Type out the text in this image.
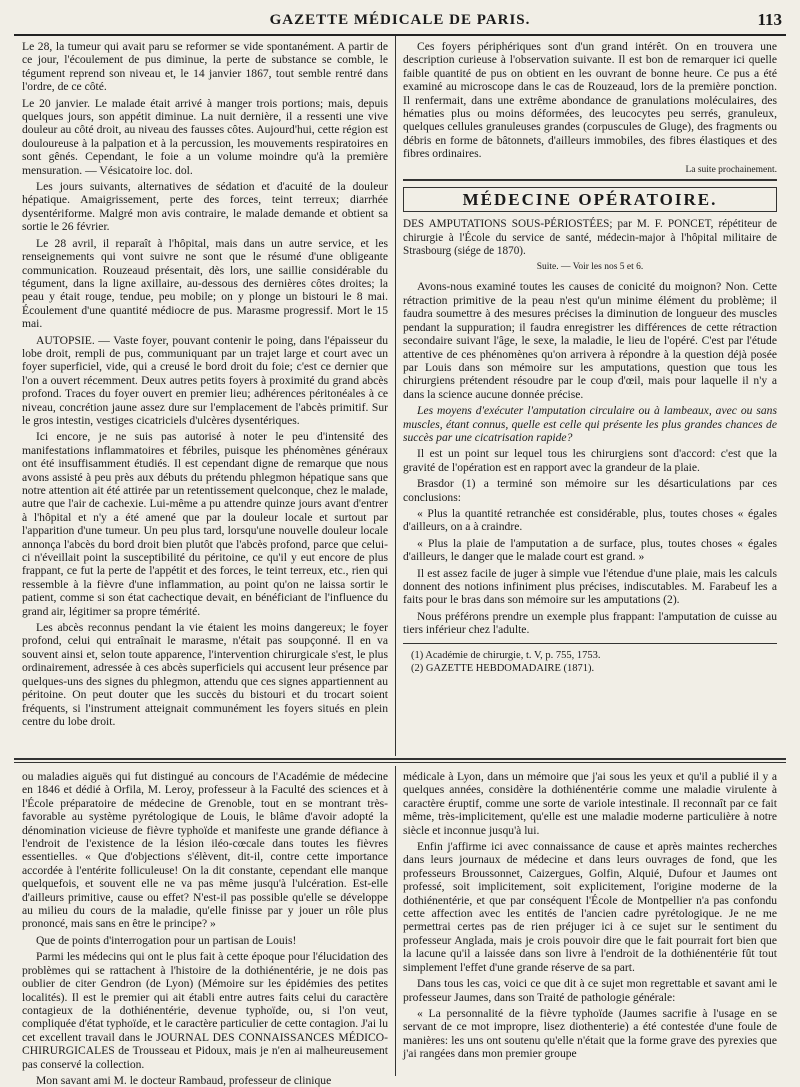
GAZETTE MÉDICALE DE PARIS.	113

Le 28, la tumeur qui avait paru se reformer se vide spontanément. A partir de ce jour, l'écoulement de pus diminue, la perte de substance se comble, le tégument reprend son niveau et, le 14 janvier 1867, tout semble rentré dans l'ordre, de ce côté.

Le 20 janvier. Le malade était arrivé à manger trois portions; mais, depuis quelques jours, son appétit diminue. La nuit dernière, il a ressenti une vive douleur au côté droit, au niveau des fausses côtes. Aujourd'hui, cette région est douloureuse à la palpation et à la percussion, les mouvements respiratoires en sont gênés. Cependant, le foie a un volume moindre qu'à la première mensuration. — Vésicatoire loc. dol.

Les jours suivants, alternatives de sédation et d'acuité de la douleur hépatique. Amaigrissement, perte des forces, teint terreux; diarrhée dysentériforme. Malgré mon avis contraire, le malade demande et obtient sa sortie le 26 février.

Le 28 avril, il reparaît à l'hôpital, mais dans un autre service, et les renseignements qui vont suivre ne sont que le résumé d'une obligeante communication. Rouzeaud présentait, dès lors, une saillie considérable du tégument, dans la ligne axillaire, au-dessous des dernières côtes droites; la peau y était rouge, tendue, peu mobile; on y plonge un bistouri le 8 mai. Écoulement d'une quantité médiocre de pus. Marasme progressif. Mort le 15 mai.

AUTOPSIE. — Vaste foyer, pouvant contenir le poing, dans l'épaisseur du lobe droit, rempli de pus, communiquant par un trajet large et court avec un foyer superficiel, vide, qui a creusé le bord droit du foie; c'est ce dernier que l'on a ouvert récemment. Deux autres petits foyers à proximité du grand abcès profond. Traces du foyer ouvert en premier lieu; adhérences péritonéales à ce niveau, concrétion jaune assez dure sur l'emplacement de l'abcès primitif. Sur le gros intestin, vestiges cicatriciels d'ulcères dysentériques.

Ici encore, je ne suis pas autorisé à noter le peu d'intensité des manifestations inflammatoires et fébriles, puisque les phénomènes généraux ont été insuffisamment étudiés. Il est cependant digne de remarque que nous avons assisté à peu près aux débuts du prétendu phlegmon hépatique sans que notre attention ait été attirée par un retentissement quelconque, chez le malade, autre que l'air de cachexie. Lui-même a pu attendre quinze jours avant d'entrer à l'hôpital et n'y a été amené que par la douleur locale et surtout par l'apparition d'une tumeur. Un peu plus tard, lorsqu'une nouvelle douleur locale annonça l'abcès du bord droit bien plutôt que l'abcès profond, parce que celui-ci n'éveillait point la susceptibilité du péritoine, ce qu'il y eut encore de plus frappant, ce fut la perte de l'appétit et des forces, le teint terreux, etc., rien qui ressemble à la fièvre d'une inflammation, au point qu'on ne laissa sortir le patient, comme si son état cachectique devait, en bénéficiant de l'influence du grand air, légitimer sa propre témérité.

Les abcès reconnus pendant la vie étaient les moins dangereux; le foyer profond, celui qui entraînait le marasme, n'était pas soupçonné. Il en va souvent ainsi et, selon toute apparence, l'intervention chirurgicale s'est, le plus ordinairement, adressée à ces abcès superficiels qui accusent leur présence par quelques-uns des signes du phlegmon, attendu que ces signes appartiennent au péritoine. On peut douter que les succès du bistouri et du trocart soient fréquents, si l'instrument atteignait communément les foyers situés en plein centre du lobe droit.

Ces foyers périphériques sont d'un grand intérêt. On en trouvera une description curieuse à l'observation suivante. Il est bon de remarquer ici quelle faible quantité de pus on obtient en les ouvrant de bonne heure. Ce pus a été examiné au microscope dans le cas de Rouzeaud, lors de la première ponction. Il renfermait, dans une extrême abondance de granulations moléculaires, des hématies plus ou moins déformées, des leucocytes peu serrés, granuleux, quelques cellules granuleuses grandes (corpuscules de Gluge), des fragments ou débris en forme de bâtonnets, d'ailleurs immobiles, des fibres élastiques et des fibres ordinaires.

La suite prochainement.
MÉDECINE OPÉRATOIRE.

DES AMPUTATIONS SOUS-PÉRIOSTÉES; par M. F. PONCET, répétiteur de chirurgie à l'École du service de santé, médecin-major à l'hôpital militaire de Strasbourg (siége de 1870).

Suite. — Voir les nos 5 et 6.

Avons-nous examiné toutes les causes de conicité du moignon? Non. Cette rétraction primitive de la peau n'est qu'un minime élément du problème; il faudra soumettre à des mesures précises la diminution de longueur des muscles pendant la suppuration; il faudra enregistrer les différences de cette rétraction secondaire suivant l'âge, le sexe, la maladie, le lieu de l'opéré. C'est par l'étude attentive de ces phénomènes qu'on arrivera à répondre à la question déjà posée par Louis dans son mémoire sur les amputations, question que tous les chirurgiens prétendent résoudre par le coup d'œil, mais pour laquelle il n'y a dans la science aucune donnée précise.

Les moyens d'exécuter l'amputation circulaire ou à lambeaux, avec ou sans muscles, étant connus, quelle est celle qui présente les plus grandes chances de succès par une cicatrisation rapide?

Il est un point sur lequel tous les chirurgiens sont d'accord: c'est que la gravité de l'opération est en rapport avec la grandeur de la plaie.

Brasdor (1) a terminé son mémoire sur les désarticulations par ces conclusions:

« Plus la quantité retranchée est considérable, plus, toutes choses « égales d'ailleurs, on a à craindre.

« Plus la plaie de l'amputation a de surface, plus, toutes choses « égales d'ailleurs, le danger que le malade court est grand. »

Il est assez facile de juger à simple vue l'étendue d'une plaie, mais les calculs donnent des notions infiniment plus précises, indiscutables. M. Farabeuf les a faits pour le bras dans son mémoire sur les amputations (2).

Nous préférons prendre un exemple plus frappant: l'amputation de cuisse au tiers inférieur chez l'adulte.

(1) Académie de chirurgie, t. V, p. 755, 1753.
(2) GAZETTE HEBDOMADAIRE (1871).

ou maladies aiguës qui fut distingué au concours de l'Académie de médecine en 1846 et dédié à Orfila, M. Leroy, professeur à la Faculté des sciences et à l'École préparatoire de médecine de Grenoble, tout en se montrant très-favorable au système pyrétologique de Louis, le blâme d'avoir adopté la dénomination vicieuse de fièvre typhoïde et manifeste une grande défiance à l'endroit de l'existence de la lésion iléo-cœcale dans toutes les fièvres essentielles. « Que d'objections s'élèvent, dit-il, contre cette importance accordée à l'entérite folliculeuse! On la dit constante, cependant elle manque quelquefois, et souvent elle ne va pas même jusqu'à l'ulcération. Est-elle d'ailleurs primitive, cause ou effet? N'est-il pas possible qu'elle se développe au milieu du cours de la maladie, qu'elle finisse par y jouer un rôle plus prononcé, mais sans en être le principe? »

Que de points d'interrogation pour un partisan de Louis!

Parmi les médecins qui ont le plus fait à cette époque pour l'élucidation des problèmes qui se rattachent à l'histoire de la dothiénentérie, je ne dois pas oublier de citer Gendron (de Lyon) (Mémoire sur les épidémies des petites localités). Il est le premier qui ait établi entre autres faits celui du caractère contagieux de la dothiénentérie, devenue typhoïde, ou, si l'on veut, compliquée d'état typhoïde, et le caractère particulier de cette contagion. J'ai lu cet excellent travail dans le JOURNAL DES CONNAISSANCES MÉDICO-CHIRURGICALES de Trousseau et Pidoux, mais je n'en ai malheureusement pas conservé la collection.

Mon savant ami M. le docteur Rambaud, professeur de clinique

médicale à Lyon, dans un mémoire que j'ai sous les yeux et qu'il a publié il y a quelques années, considère la dothiénentérie comme une maladie virulente à caractère éruptif, comme une sorte de variole intestinale. Il reconnaît par ce fait même, très-implicitement, qu'elle est une maladie moderne particulière à notre siècle et inconnue jusqu'à lui.

Enfin j'affirme ici avec connaissance de cause et après maintes recherches dans leurs journaux de médecine et dans leurs ouvrages de fond, que les professeurs Broussonnet, Caizergues, Golfin, Alquié, Dufour et Jaumes ont professé, soit implicitement, soit explicitement, l'origine moderne de la dothiénentérie, et que par conséquent l'École de Montpellier n'a pas confondu cette affection avec les entités de l'ancien cadre pyrétologique. Je ne me permettrai certes pas de rien préjuger ici à ce sujet sur le sentiment du professeur Anglada, mais je crois pouvoir dire que le fait pourrait fort bien que la lacune qu'il a laissée dans son livre à l'endroit de la dothiénentérie fût tout simplement l'effet d'une grande réserve de sa part.

Dans tous les cas, voici ce que dit à ce sujet mon regrettable et savant ami le professeur Jaumes, dans son Traité de pathologie générale:

« La personnalité de la fièvre typhoïde (Jaumes sacrifie à l'usage en se servant de ce mot impropre, lisez diothenterie) a été contestée d'une foule de manières: les uns ont soutenu qu'elle n'était que la forme grave des pyrexies que j'ai rangées dans mon premier groupe
